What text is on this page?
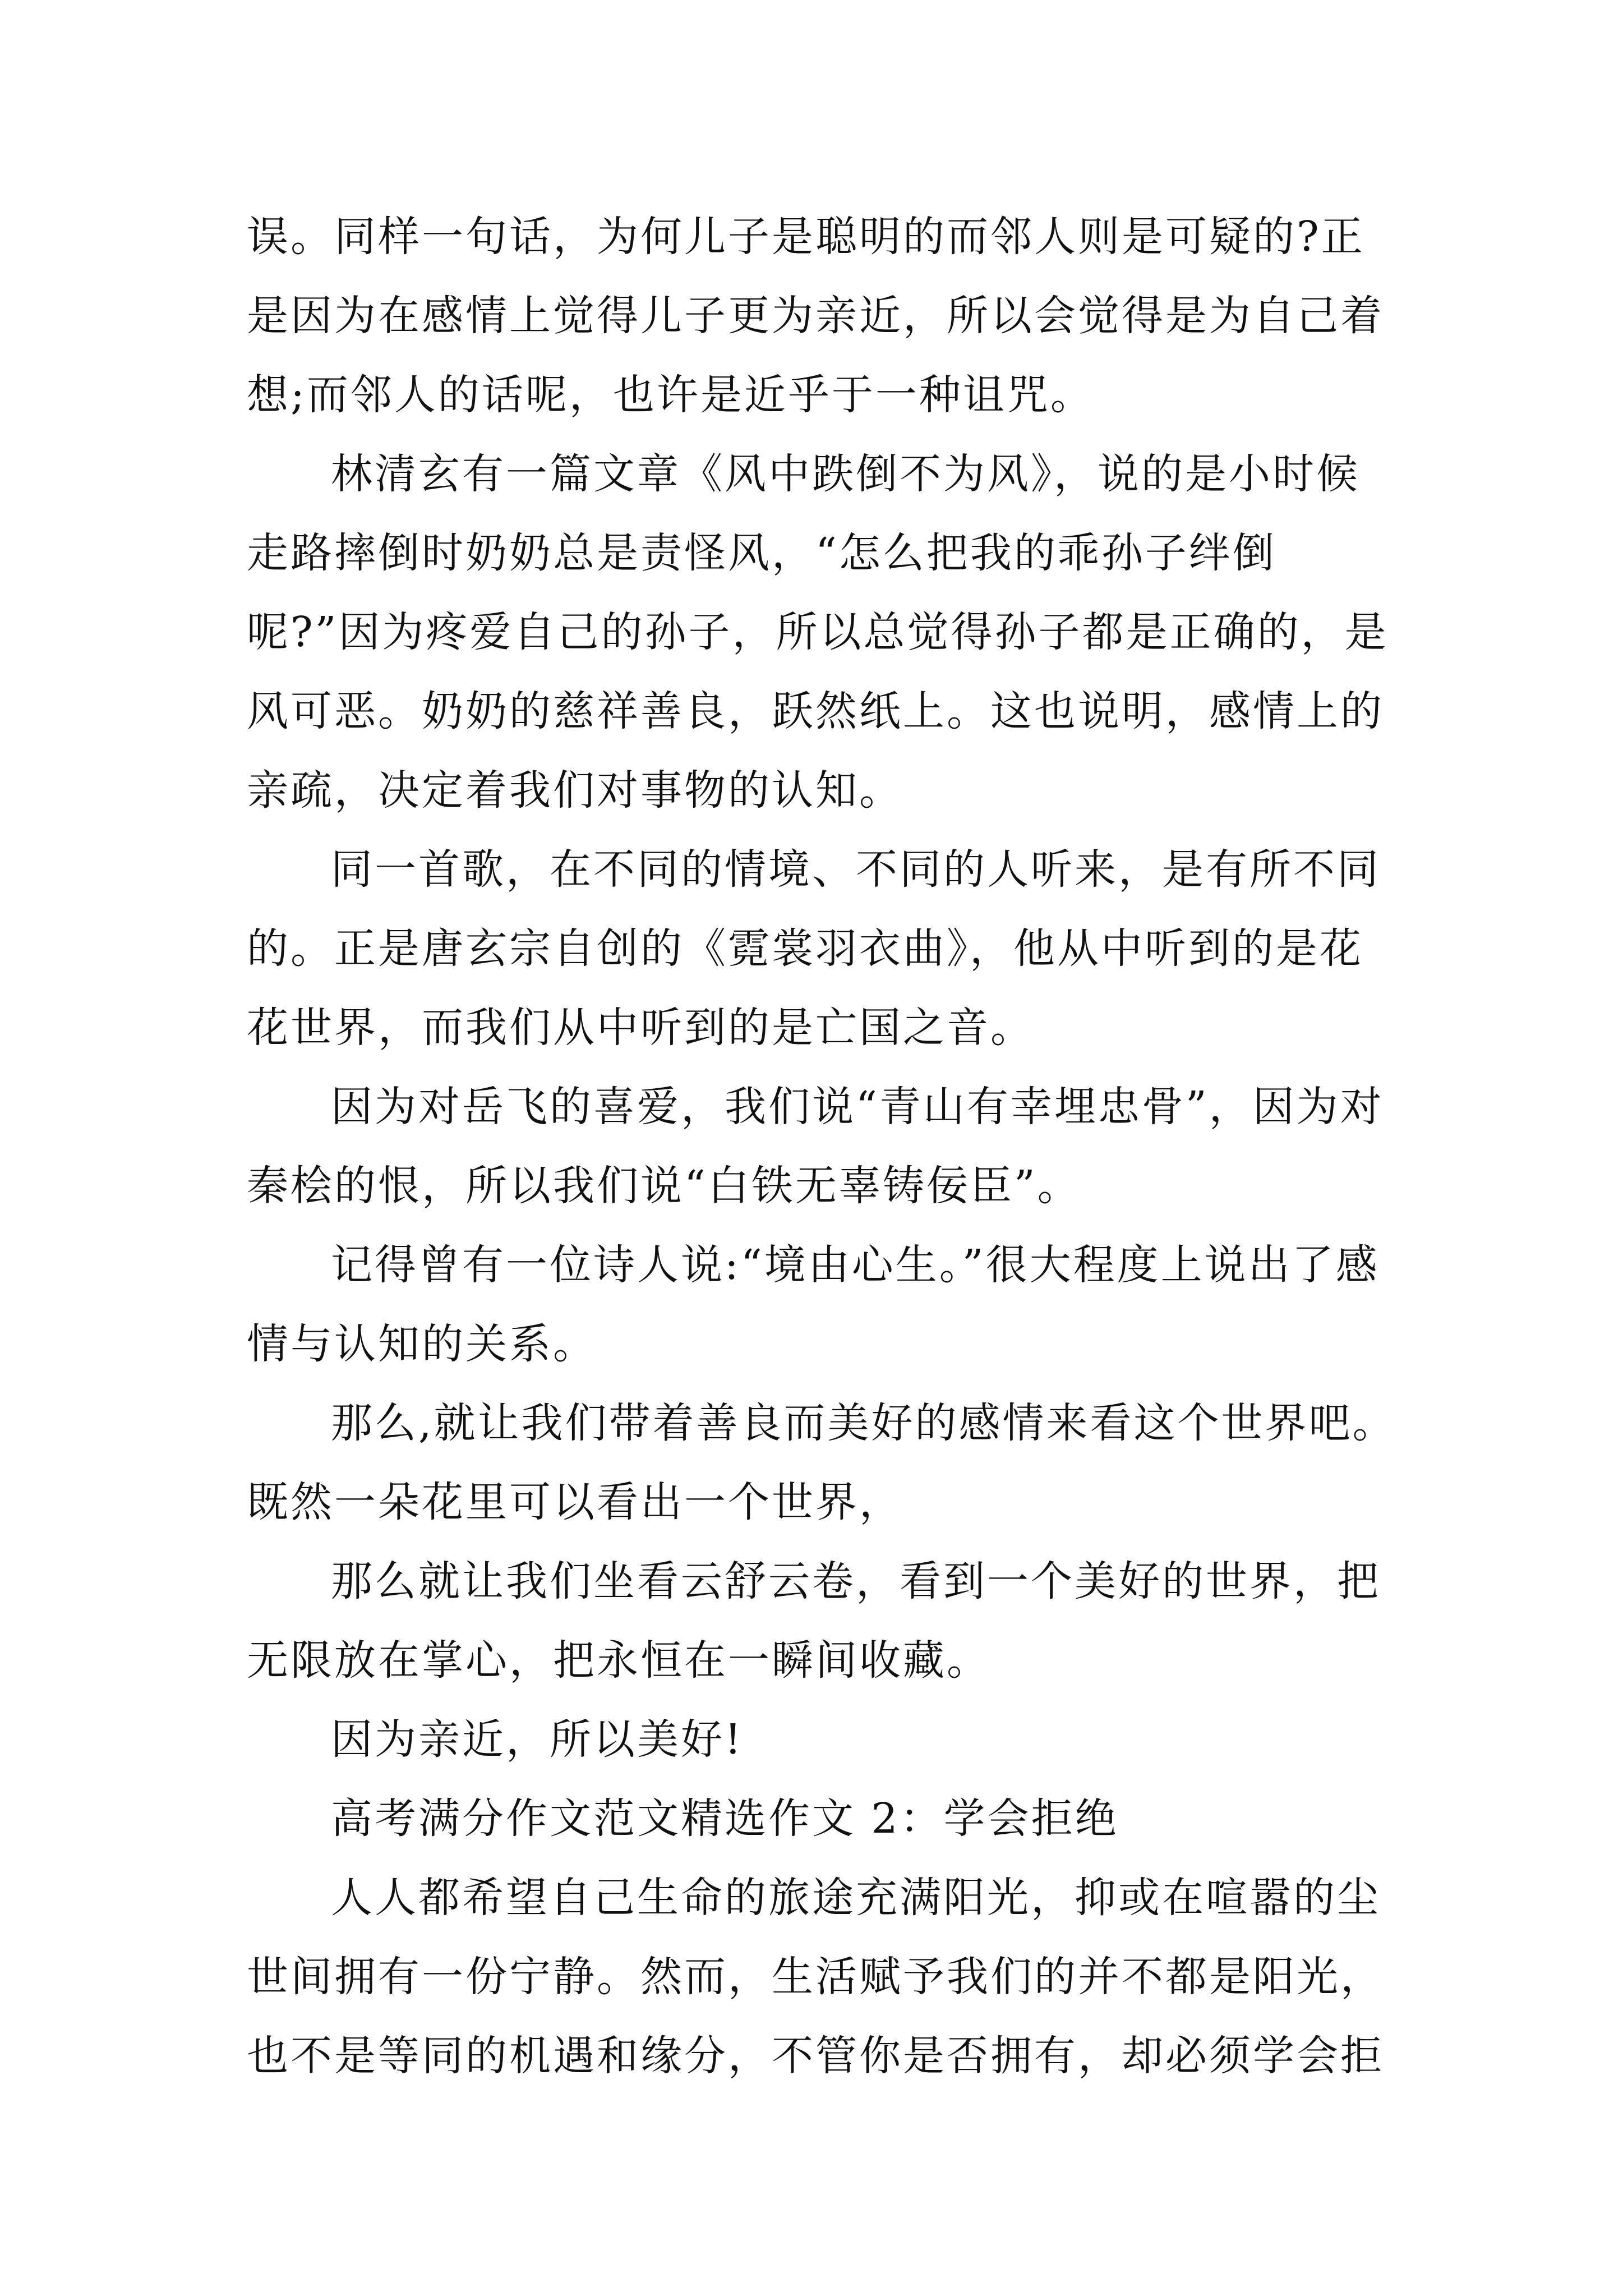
误。同样一句话，为何儿子是聪明的而邻人则是可疑的?正是因为在感情上觉得儿子更为亲近，所以会觉得是为自己着想;而邻人的话呢，也许是近乎于一种诅咒。

林清玄有一篇文章《风中跌倒不为风》，说的是小时候走路摔倒时奶奶总是责怪风，“怎么把我的乖孙子绊倒呢?”因为疼爱自己的孙子，所以总觉得孙子都是正确的，是风可恶。奶奶的慈祥善良，跃然纸上。这也说明，感情上的亲疏，决定着我们对事物的认知。

同一首歌，在不同的情境、不同的人听来，是有所不同的。正是唐玄宗自创的《霓裳羽衣曲》，他从中听到的是花花世界，而我们从中听到的是亡国之音。

因为对岳飞的喜爱，我们说“青山有幸埋忠骨”，因为对秦桧的恨，所以我们说“白铁无辜铸佞臣”。

记得曾有一位诗人说:“境由心生。”很大程度上说出了感情与认知的关系。

那么,就让我们带着善良而美好的感情来看这个世界吧。既然一朵花里可以看出一个世界，

那么就让我们坐看云舒云卷，看到一个美好的世界，把无限放在掌心，把永恒在一瞬间收藏。

因为亲近，所以美好!

高考满分作文范文精选作文 2：学会拒绝

人人都希望自己生命的旅途充满阳光，抑或在喧嚣的尘世间拥有一份宁静。然而，生活赋予我们的并不都是阳光，也不是等同的机遇和缘分，不管你是否拥有，却必须学会拒
